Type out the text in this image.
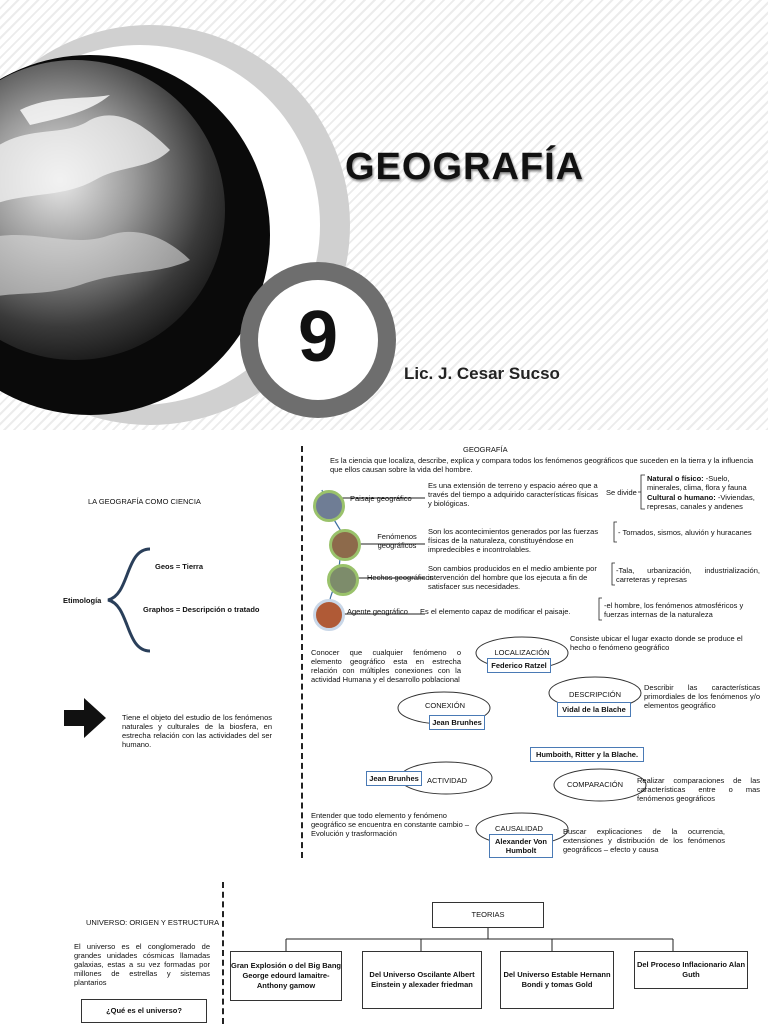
GEOGRAFÍA
9	Lic. J. Cesar Sucso
LA GEOGRAFÍA COMO CIENCIA
Etimología
Geos = Tierra
Graphos = Descripción o tratado
Tiene el objeto del estudio de los fenómenos naturales y culturales de la biosfera, en estrecha relación con las actividades del ser humano.
GEOGRAFÍA
Es la ciencia que localiza, describe, explica y compara todos los fenómenos geográficos que suceden en la tierra y la influencia que ellos causan sobre la vida del hombre.
Paisaje geográfico
Fenómenos geográficos
Hechos geográficos
Agente geográfico
Es una extensión de terreno y espacio aéreo que a través del tiempo a adquirido características físicas y biológicas.
Son los acontecimientos generados por las fuerzas físicas de la naturaleza, constituyéndose en impredecibles e incontrolables.
Son cambios producidos en el medio ambiente por intervención del hombre que los ejecuta a fin de satisfacer sus necesidades.
Es el elemento capaz de modificar el paisaje.
Se divide
Natural o físico: -Suelo, minerales, clima, flora y fauna
Cultural o humano: -Viviendas, represas, canales y andenes
- Tornados, sismos, aluvión y huracanes
-Tala, urbanización, industrialización, carreteras y represas
-el hombre, los fenómenos atmosféricos y fuerzas internas de la naturaleza
LOCALIZACIÓN
DESCRIPCIÓN
COMPARACIÓN
CAUSALIDAD
ACTIVIDAD
CONEXIÓN
Federico Ratzel
Vidal de la Blache
Humboith, Ritter y la Blache.
Alexander Von Humbolt
Jean Brunhes
Jean Brunhes
Conocer que cualquier fenómeno o elemento geográfico esta en estrecha relación con múltiples conexiones con la actividad Humana y el desarrollo poblacional
Consiste ubicar el lugar exacto donde se produce el hecho o fenómeno geográfico
Describir las características primordiales de los fenómenos y/o elementos geográfico
Realizar comparaciones de las características entre o mas fenómenos geográficos
Buscar explicaciones de la ocurrencia, extensiones y distribución de los fenómenos geográficos – efecto y causa
Entender que todo elemento y fenómeno geográfico se encuentra en constante cambio – Evolución y trasformación
UNIVERSO: ORIGEN Y ESTRUCTURA
El universo es el conglomerado de grandes unidades cósmicas llamadas galaxias, estas a su vez formadas por millones de estrellas y sistemas plantarios
¿Qué es el universo?
TEORIAS
Gran Explosión o del Big Bang George edourd lamaitre- Anthony gamow
Del Universo Oscilante Albert Einstein y alexader friedman
Del Universo Estable Hernann Bondi y tomas Gold
Del Proceso Inflacionario Alan Guth
